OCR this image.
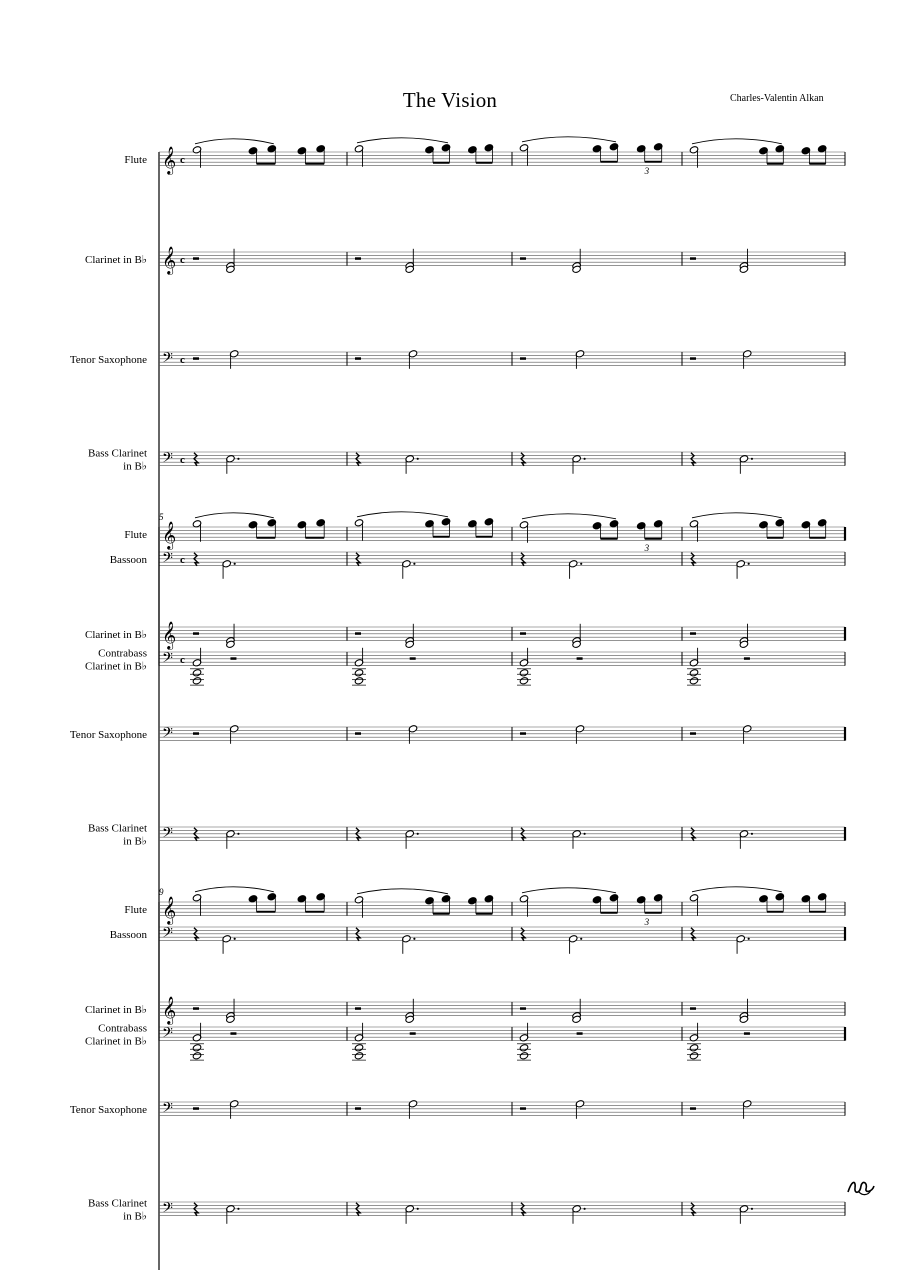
The Vision	Charles-Valentin Alkan
Flute 𝄞 c
3
Clarinet in B♭ 𝄞 c
Tenor Saxophone 𝄢 c
Bass Clarinet
in B♭ 𝄢 c
Bassoon 𝄢 c
Contrabass
Clarinet in B♭ 𝄢 c
5
Flute 𝄞	3
Clarinet in B♭ 𝄞
Tenor Saxophone 𝄢
Bass Clarinet
in B♭ 𝄢
Bassoon 𝄢
Contrabass
Clarinet in B♭ 𝄢
9
Flute 𝄞	3
Clarinet in B♭ 𝄞
Tenor Saxophone 𝄢
Bass Clarinet
in B♭ 𝄢
